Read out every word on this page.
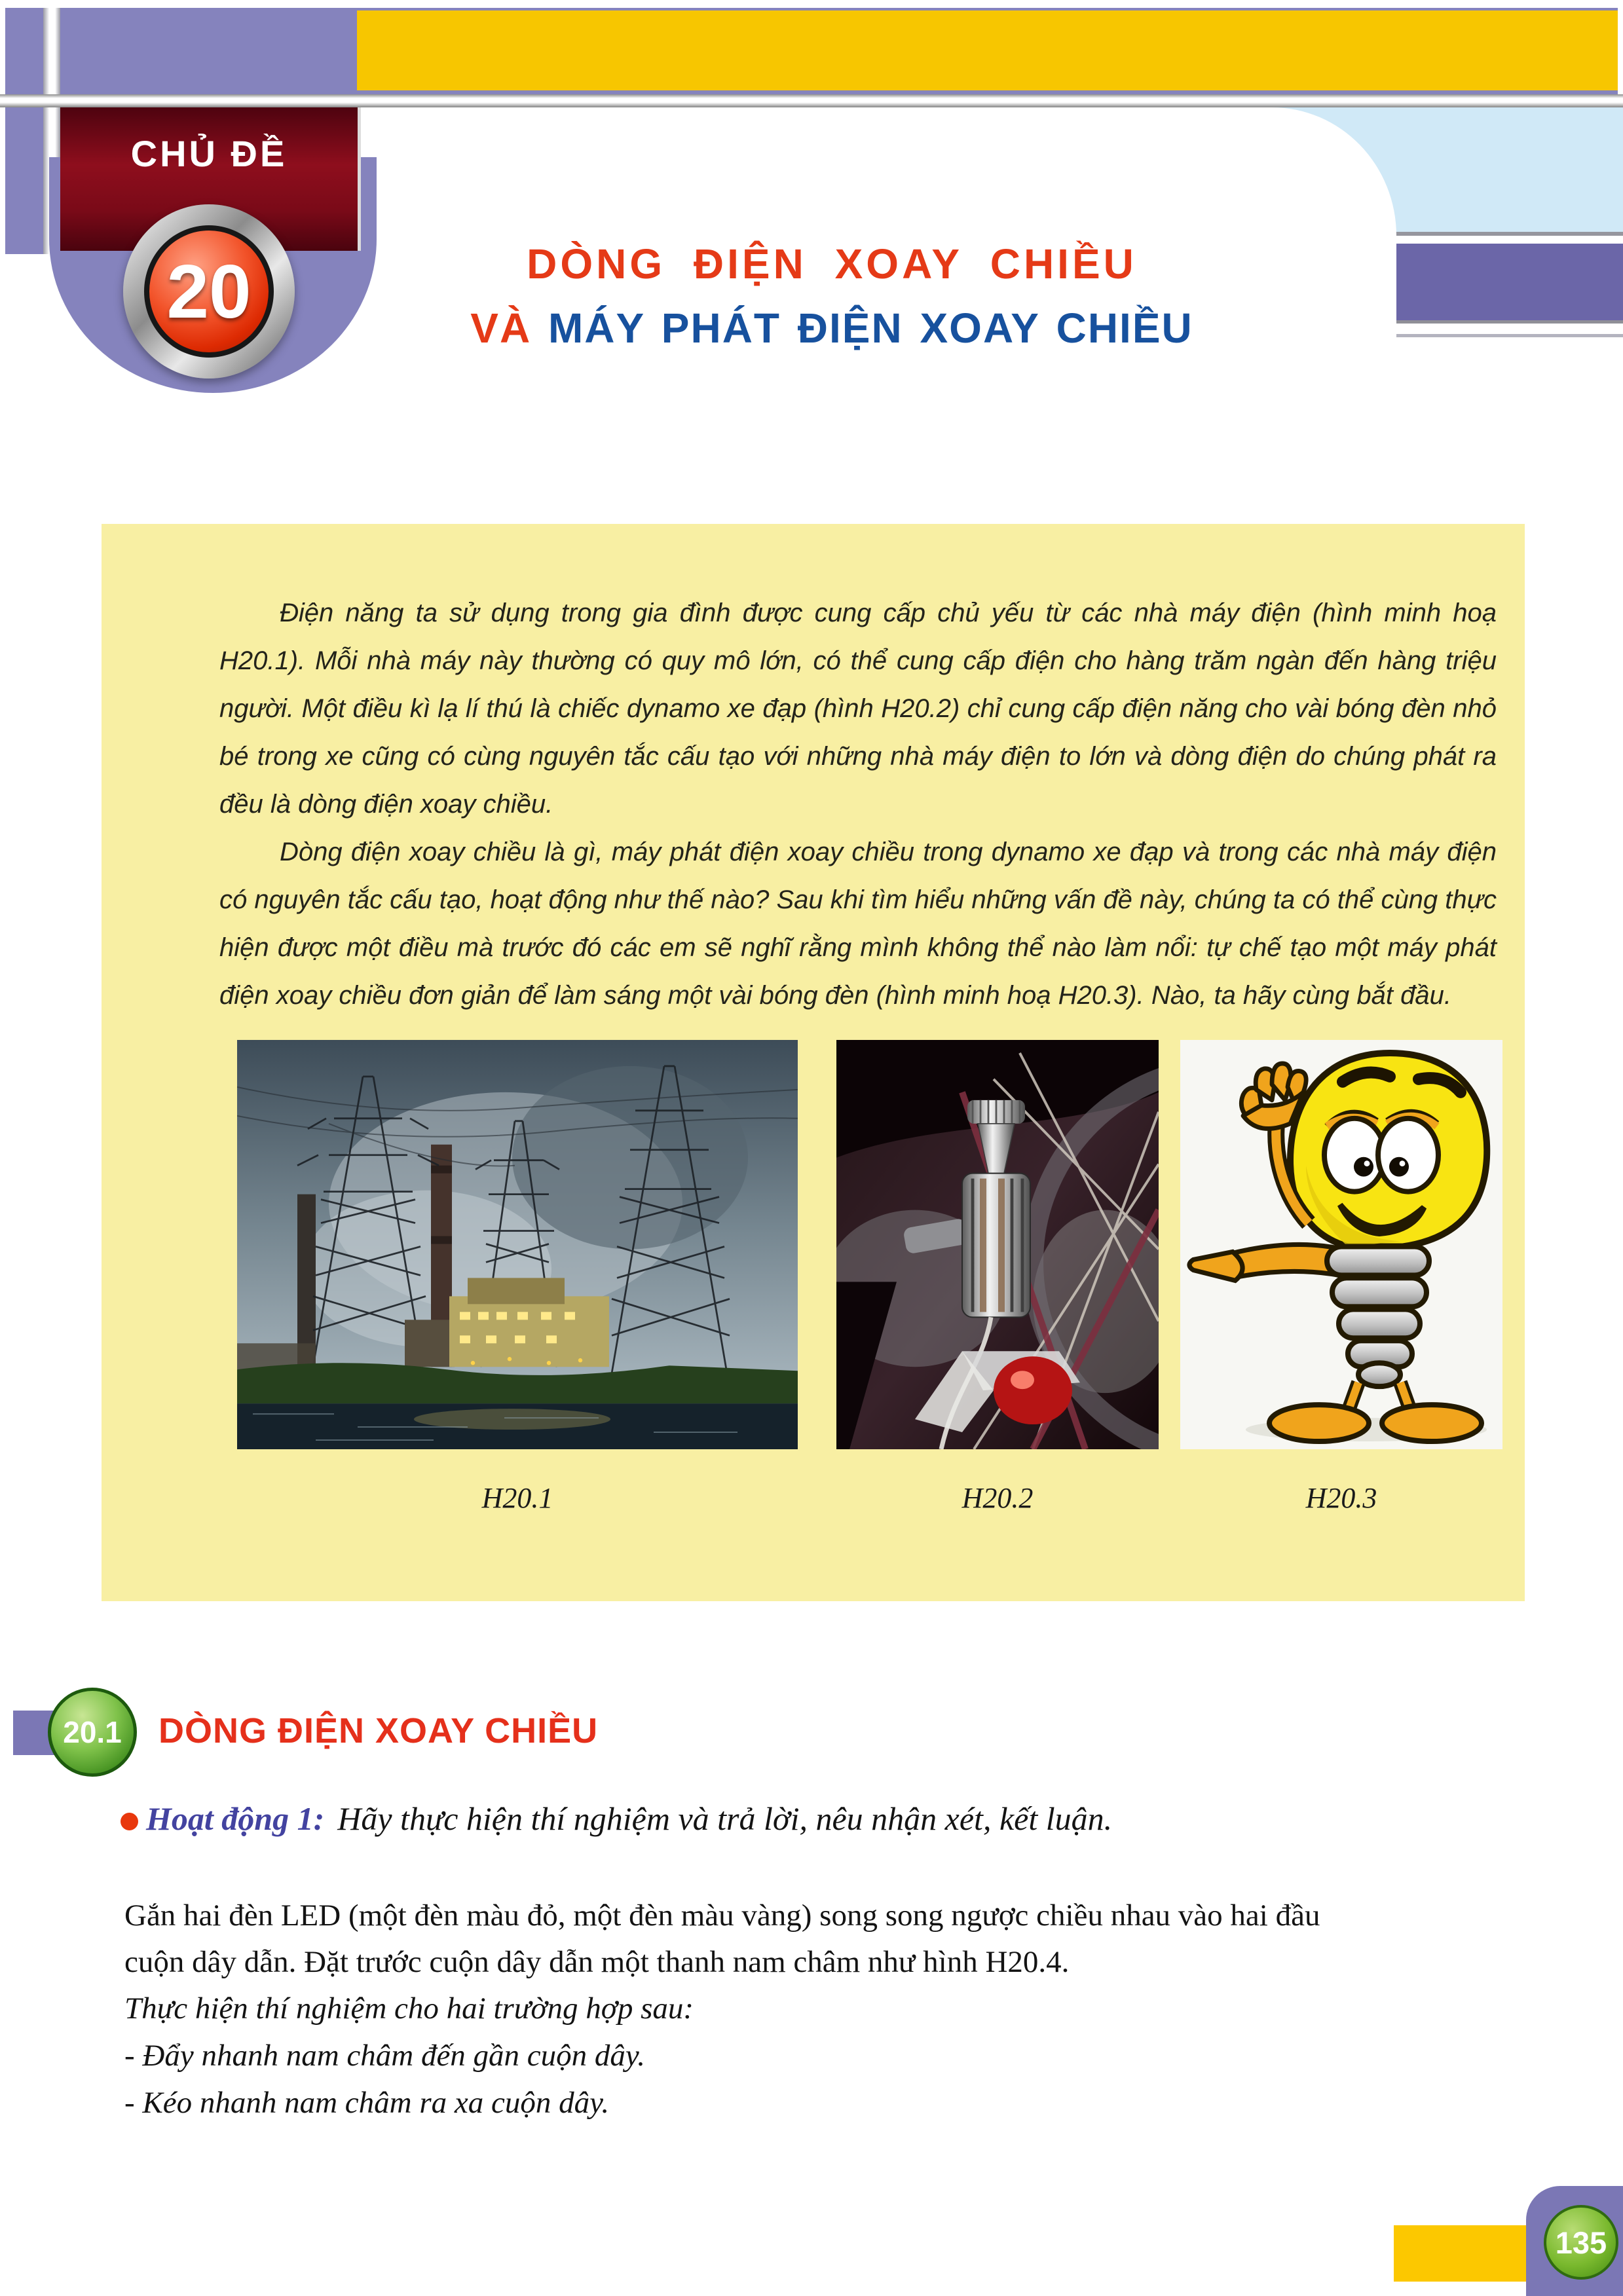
CHỦ ĐỀ
20	DÒNG ĐIỆN XOAY CHIỀU
VÀ MÁY PHÁT ĐIỆN XOAY CHIỀU

Điện năng ta sử dụng trong gia đình được cung cấp chủ yếu từ các nhà máy điện (hình minh hoạ H20.1). Mỗi nhà máy này thường có quy mô lớn, có thể cung cấp điện cho hàng trăm ngàn đến hàng triệu người. Một điều kì lạ lí thú là chiếc dynamo xe đạp (hình H20.2) chỉ cung cấp điện năng cho vài bóng đèn nhỏ bé trong xe cũng có cùng nguyên tắc cấu tạo với những nhà máy điện to lớn và dòng điện do chúng phát ra đều là dòng điện xoay chiều.

Dòng điện xoay chiều là gì, máy phát điện xoay chiều trong dynamo xe đạp và trong các nhà máy điện có nguyên tắc cấu tạo, hoạt động như thế nào? Sau khi tìm hiểu những vấn đề này, chúng ta có thể cùng thực hiện được một điều mà trước đó các em sẽ nghĩ rằng mình không thể nào làm nổi: tự chế tạo một máy phát điện xoay chiều đơn giản để làm sáng một vài bóng đèn (hình minh hoạ H20.3). Nào, ta hãy cùng bắt đầu.

H20.1	H20.2	H20.3
20.1	DÒNG ĐIỆN XOAY CHIỀU
Hoạt động 1: Hãy thực hiện thí nghiệm và trả lời, nêu nhận xét, kết luận.
Gắn hai đèn LED (một đèn màu đỏ, một đèn màu vàng) song song ngược chiều nhau vào hai đầu
cuộn dây dẫn. Đặt trước cuộn dây dẫn một thanh nam châm như hình H20.4.
Thực hiện thí nghiệm cho hai trường hợp sau:
- Đẩy nhanh nam châm đến gần cuộn dây.
- Kéo nhanh nam châm ra xa cuộn dây.
135
